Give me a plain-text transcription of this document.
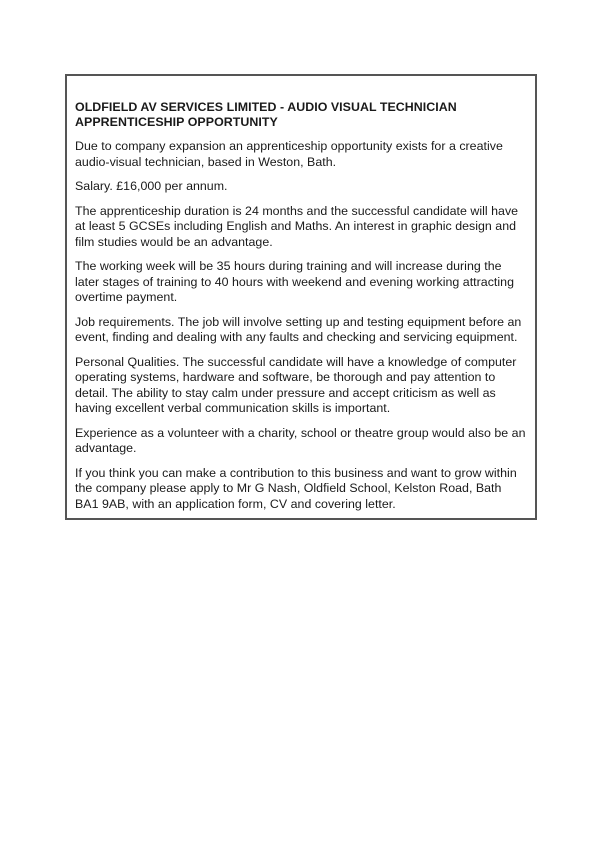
OLDFIELD AV SERVICES LIMITED - AUDIO VISUAL TECHNICIAN APPRENTICESHIP OPPORTUNITY

Due to company expansion an apprenticeship opportunity exists for a creative audio-visual technician, based in Weston, Bath.

Salary. £16,000 per annum.

The apprenticeship duration is 24 months and the successful candidate will have at least 5 GCSEs including English and Maths. An interest in graphic design and film studies would be an advantage.

The working week will be 35 hours during training and will increase during the later stages of training to 40 hours with weekend and evening working attracting overtime payment.

Job requirements. The job will involve setting up and testing equipment before an event, finding and dealing with any faults and checking and servicing equipment.

Personal Qualities. The successful candidate will have a knowledge of computer operating systems, hardware and software, be thorough and pay attention to detail. The ability to stay calm under pressure and accept criticism as well as having excellent verbal communication skills is important.

Experience as a volunteer with a charity, school or theatre group would also be an advantage.

If you think you can make a contribution to this business and want to grow within the company please apply to Mr G Nash, Oldfield School, Kelston Road, Bath BA1 9AB, with an application form, CV and covering letter.
